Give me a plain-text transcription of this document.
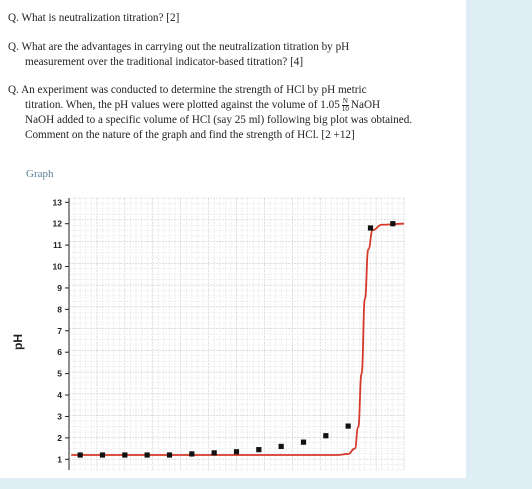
Q. What is neutralization titration? [2]
Q. What are the advantages in carrying out the neutralization titration by pH
measurement over the traditional indicator-based titration? [4]
Q. An experiment was conducted to determine the strength of HCl by pH metric
titration. When, the pH values were plotted against the volume of $1.05 \frac{N}{10}$ NaOH
NaOH added to a specific volume of HCl (say 25 ml) following big plot was obtained.
Comment on the nature of the graph and find the strength of HCl. [2 +12]
Graph
1
2
3
4
5
6
7
8
9
10
11
12
13
pH
